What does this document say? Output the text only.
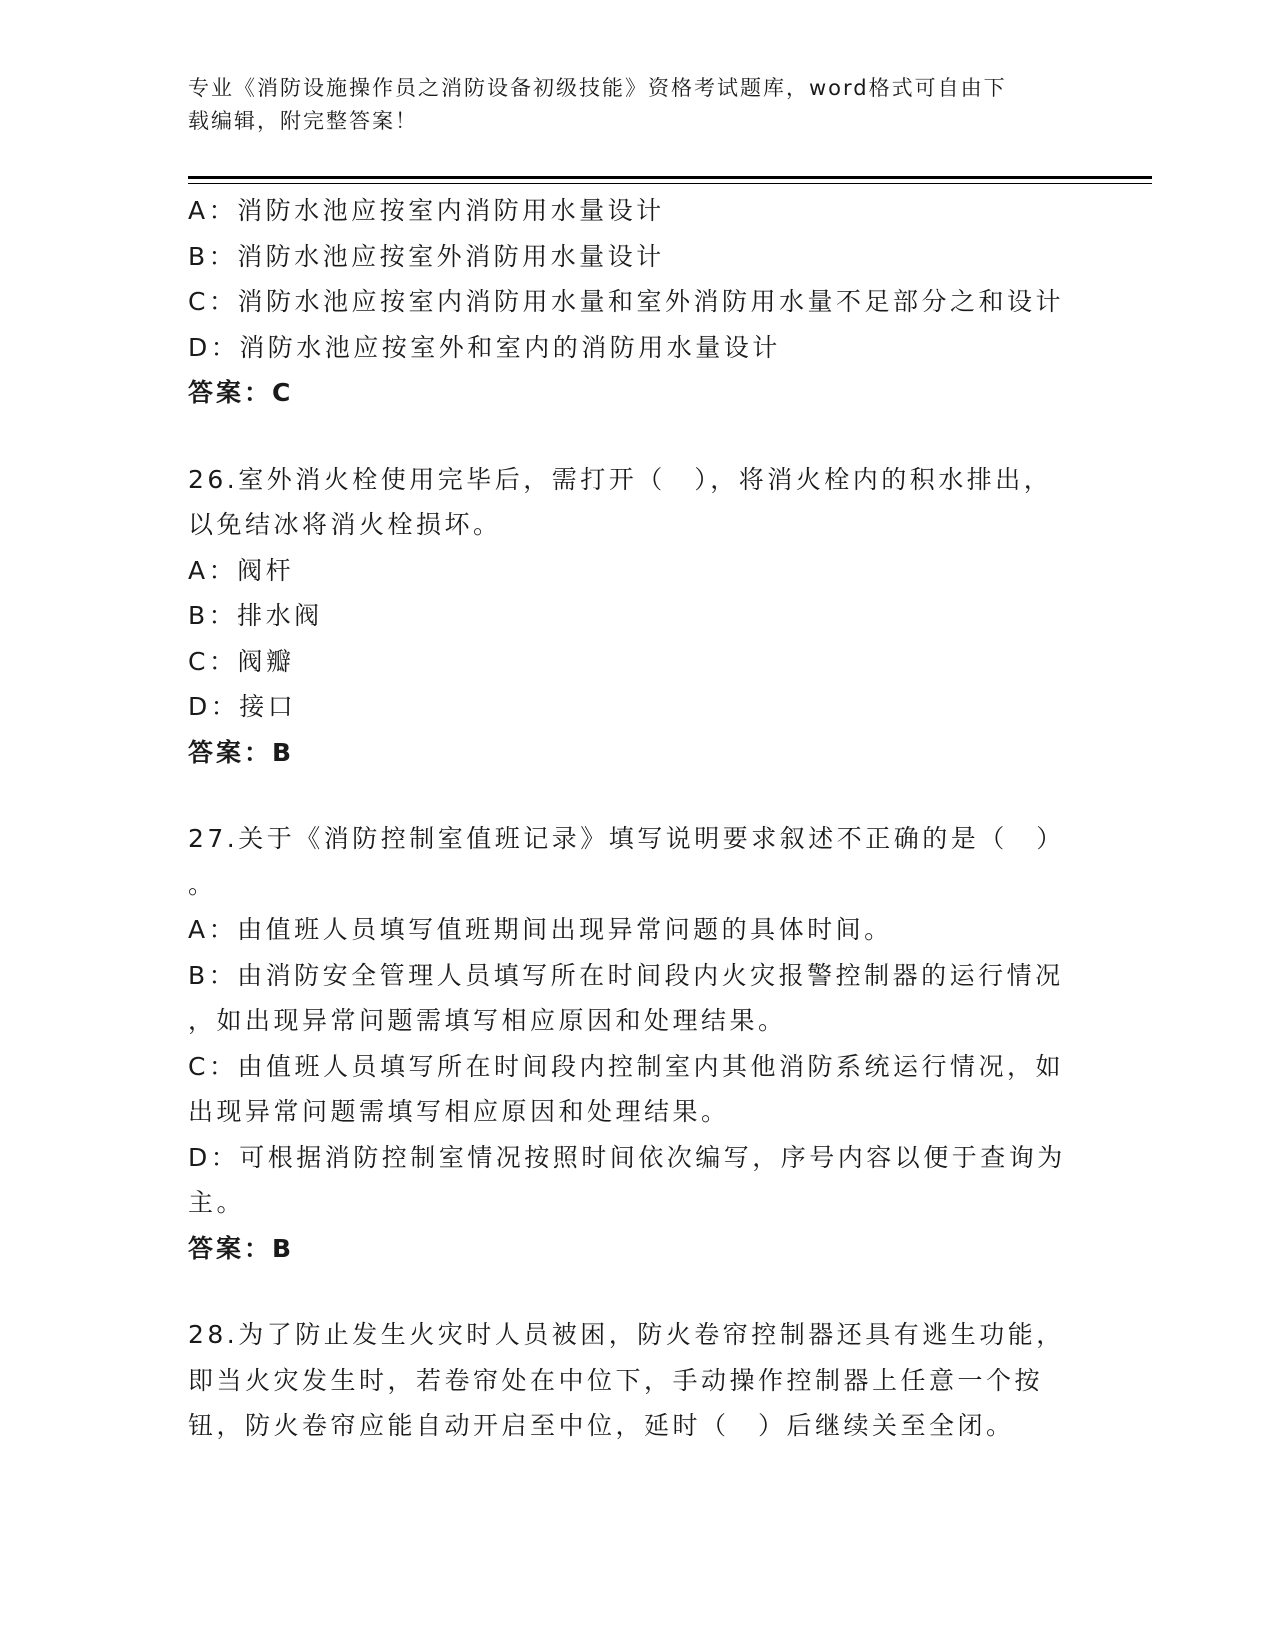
专业《消防设施操作员之消防设备初级技能》资格考试题库，word格式可自由下
载编辑，附完整答案！
A：消防水池应按室内消防用水量设计
B：消防水池应按室外消防用水量设计
C：消防水池应按室内消防用水量和室外消防用水量不足部分之和设计
D：消防水池应按室外和室内的消防用水量设计
答案：C
26.室外消火栓使用完毕后，需打开（　），将消火栓内的积水排出，
以免结冰将消火栓损坏。
A：阀杆
B：排水阀
C：阀瓣
D：接口
答案：B
27.关于《消防控制室值班记录》填写说明要求叙述不正确的是（　）
。
A：由值班人员填写值班期间出现异常问题的具体时间。
B：由消防安全管理人员填写所在时间段内火灾报警控制器的运行情况
，如出现异常问题需填写相应原因和处理结果。
C：由值班人员填写所在时间段内控制室内其他消防系统运行情况，如
出现异常问题需填写相应原因和处理结果。
D：可根据消防控制室情况按照时间依次编写，序号内容以便于查询为
主。
答案：B
28.为了防止发生火灾时人员被困，防火卷帘控制器还具有逃生功能，
即当火灾发生时，若卷帘处在中位下，手动操作控制器上任意一个按
钮，防火卷帘应能自动开启至中位，延时（　）后继续关至全闭。
